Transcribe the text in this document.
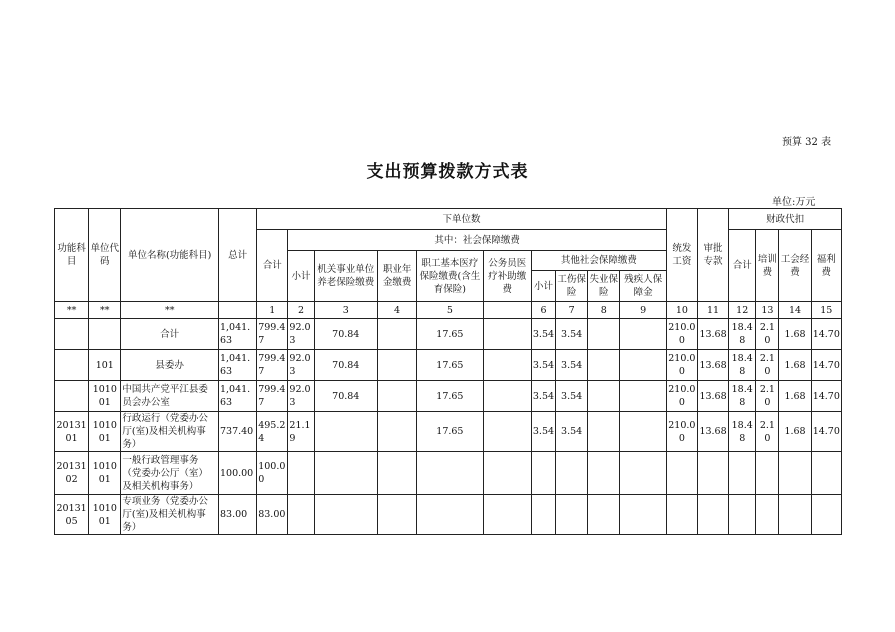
预算 32 表
支出预算拨款方式表
单位:万元
功能科目	单位代码	单位名称(功能科目)	总计	下单位数										统发工资	审批专款	财政代扣			
				合计	其中：社会保障缴费											合计	培训费	工会经费	福利费
					小计	机关事业单位养老保险缴费	职业年金缴费	职工基本医疗保险缴费(含生育保险)	公务员医疗补助缴费	其他社会保障缴费									
										小计	工伤保险	失业保险	残疾人保障金						
**	**	**		1	2	3	4	5		6	7	8	9	10	11	12	13	14	15
		合计	1,041.63	799.47	92.03	70.84		17.65		3.54	3.54			210.00	13.68	18.48	2.10	1.68	14.70
	101	县委办	1,041.63	799.47	92.03	70.84		17.65		3.54	3.54			210.00	13.68	18.48	2.10	1.68	14.70
	101001	中国共产党平江县委员会办公室	1,041.63	799.47	92.03	70.84		17.65		3.54	3.54			210.00	13.68	18.48	2.10	1.68	14.70
2013101	101001	行政运行（党委办公厅(室)及相关机构事务）	737.40	495.24	21.19			17.65		3.54	3.54			210.00	13.68	18.48	2.10	1.68	14.70
2013102	101001	一般行政管理事务（党委办公厅（室）及相关机构事务）	100.00	100.00															
2013105	101001	专项业务（党委办公厅(室)及相关机构事务）	83.00	83.00															
